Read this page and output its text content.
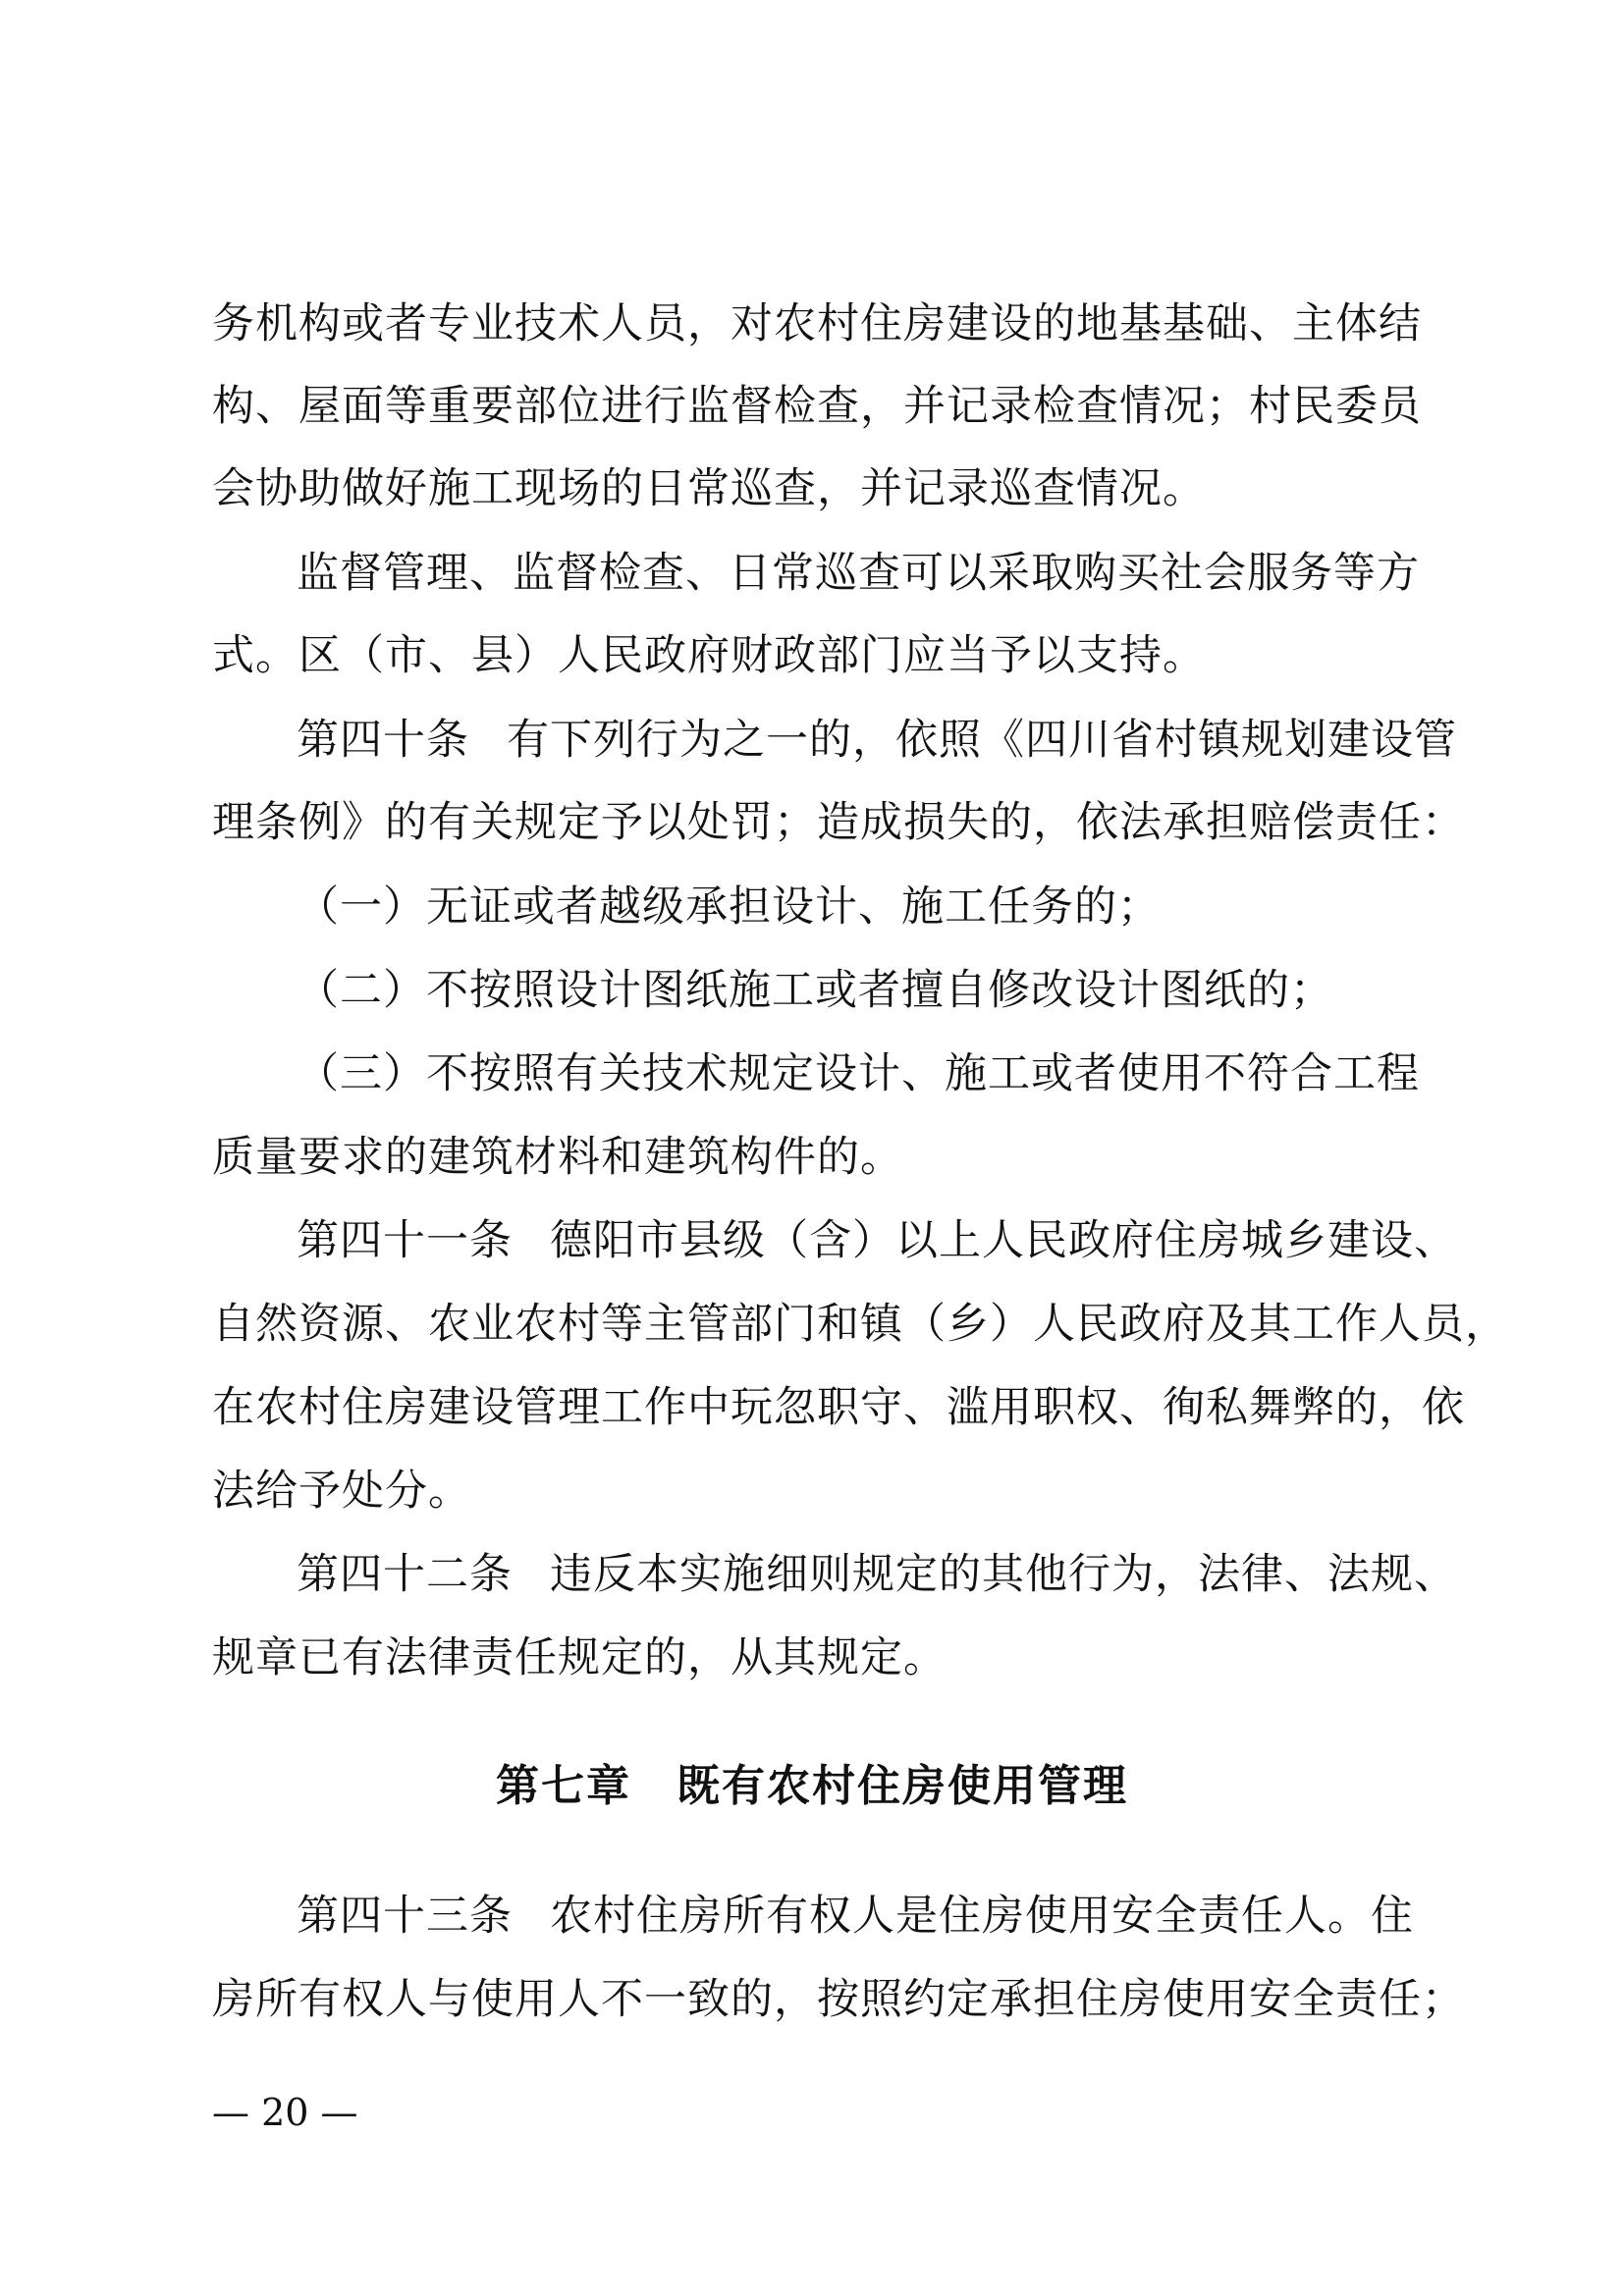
务机构或者专业技术人员，对农村住房建设的地基基础、主体结
构、屋面等重要部位进行监督检查，并记录检查情况；村民委员
会协助做好施工现场的日常巡查，并记录巡查情况。
监督管理、监督检查、日常巡查可以采取购买社会服务等方
式。区（市、县）人民政府财政部门应当予以支持。
第四十条 有下列行为之一的，依照《四川省村镇规划建设管
理条例》的有关规定予以处罚；造成损失的，依法承担赔偿责任：
（一）无证或者越级承担设计、施工任务的；
（二）不按照设计图纸施工或者擅自修改设计图纸的；
（三）不按照有关技术规定设计、施工或者使用不符合工程
质量要求的建筑材料和建筑构件的。
第四十一条 德阳市县级（含）以上人民政府住房城乡建设、
自然资源、农业农村等主管部门和镇（乡）人民政府及其工作人员，
在农村住房建设管理工作中玩忽职守、滥用职权、徇私舞弊的，依
法给予处分。
第四十二条 违反本实施细则规定的其他行为，法律、法规、
规章已有法律责任规定的，从其规定。
第七章　既有农村住房使用管理
第四十三条 农村住房所有权人是住房使用安全责任人。住
房所有权人与使用人不一致的，按照约定承担住房使用安全责任；
— 20 —
